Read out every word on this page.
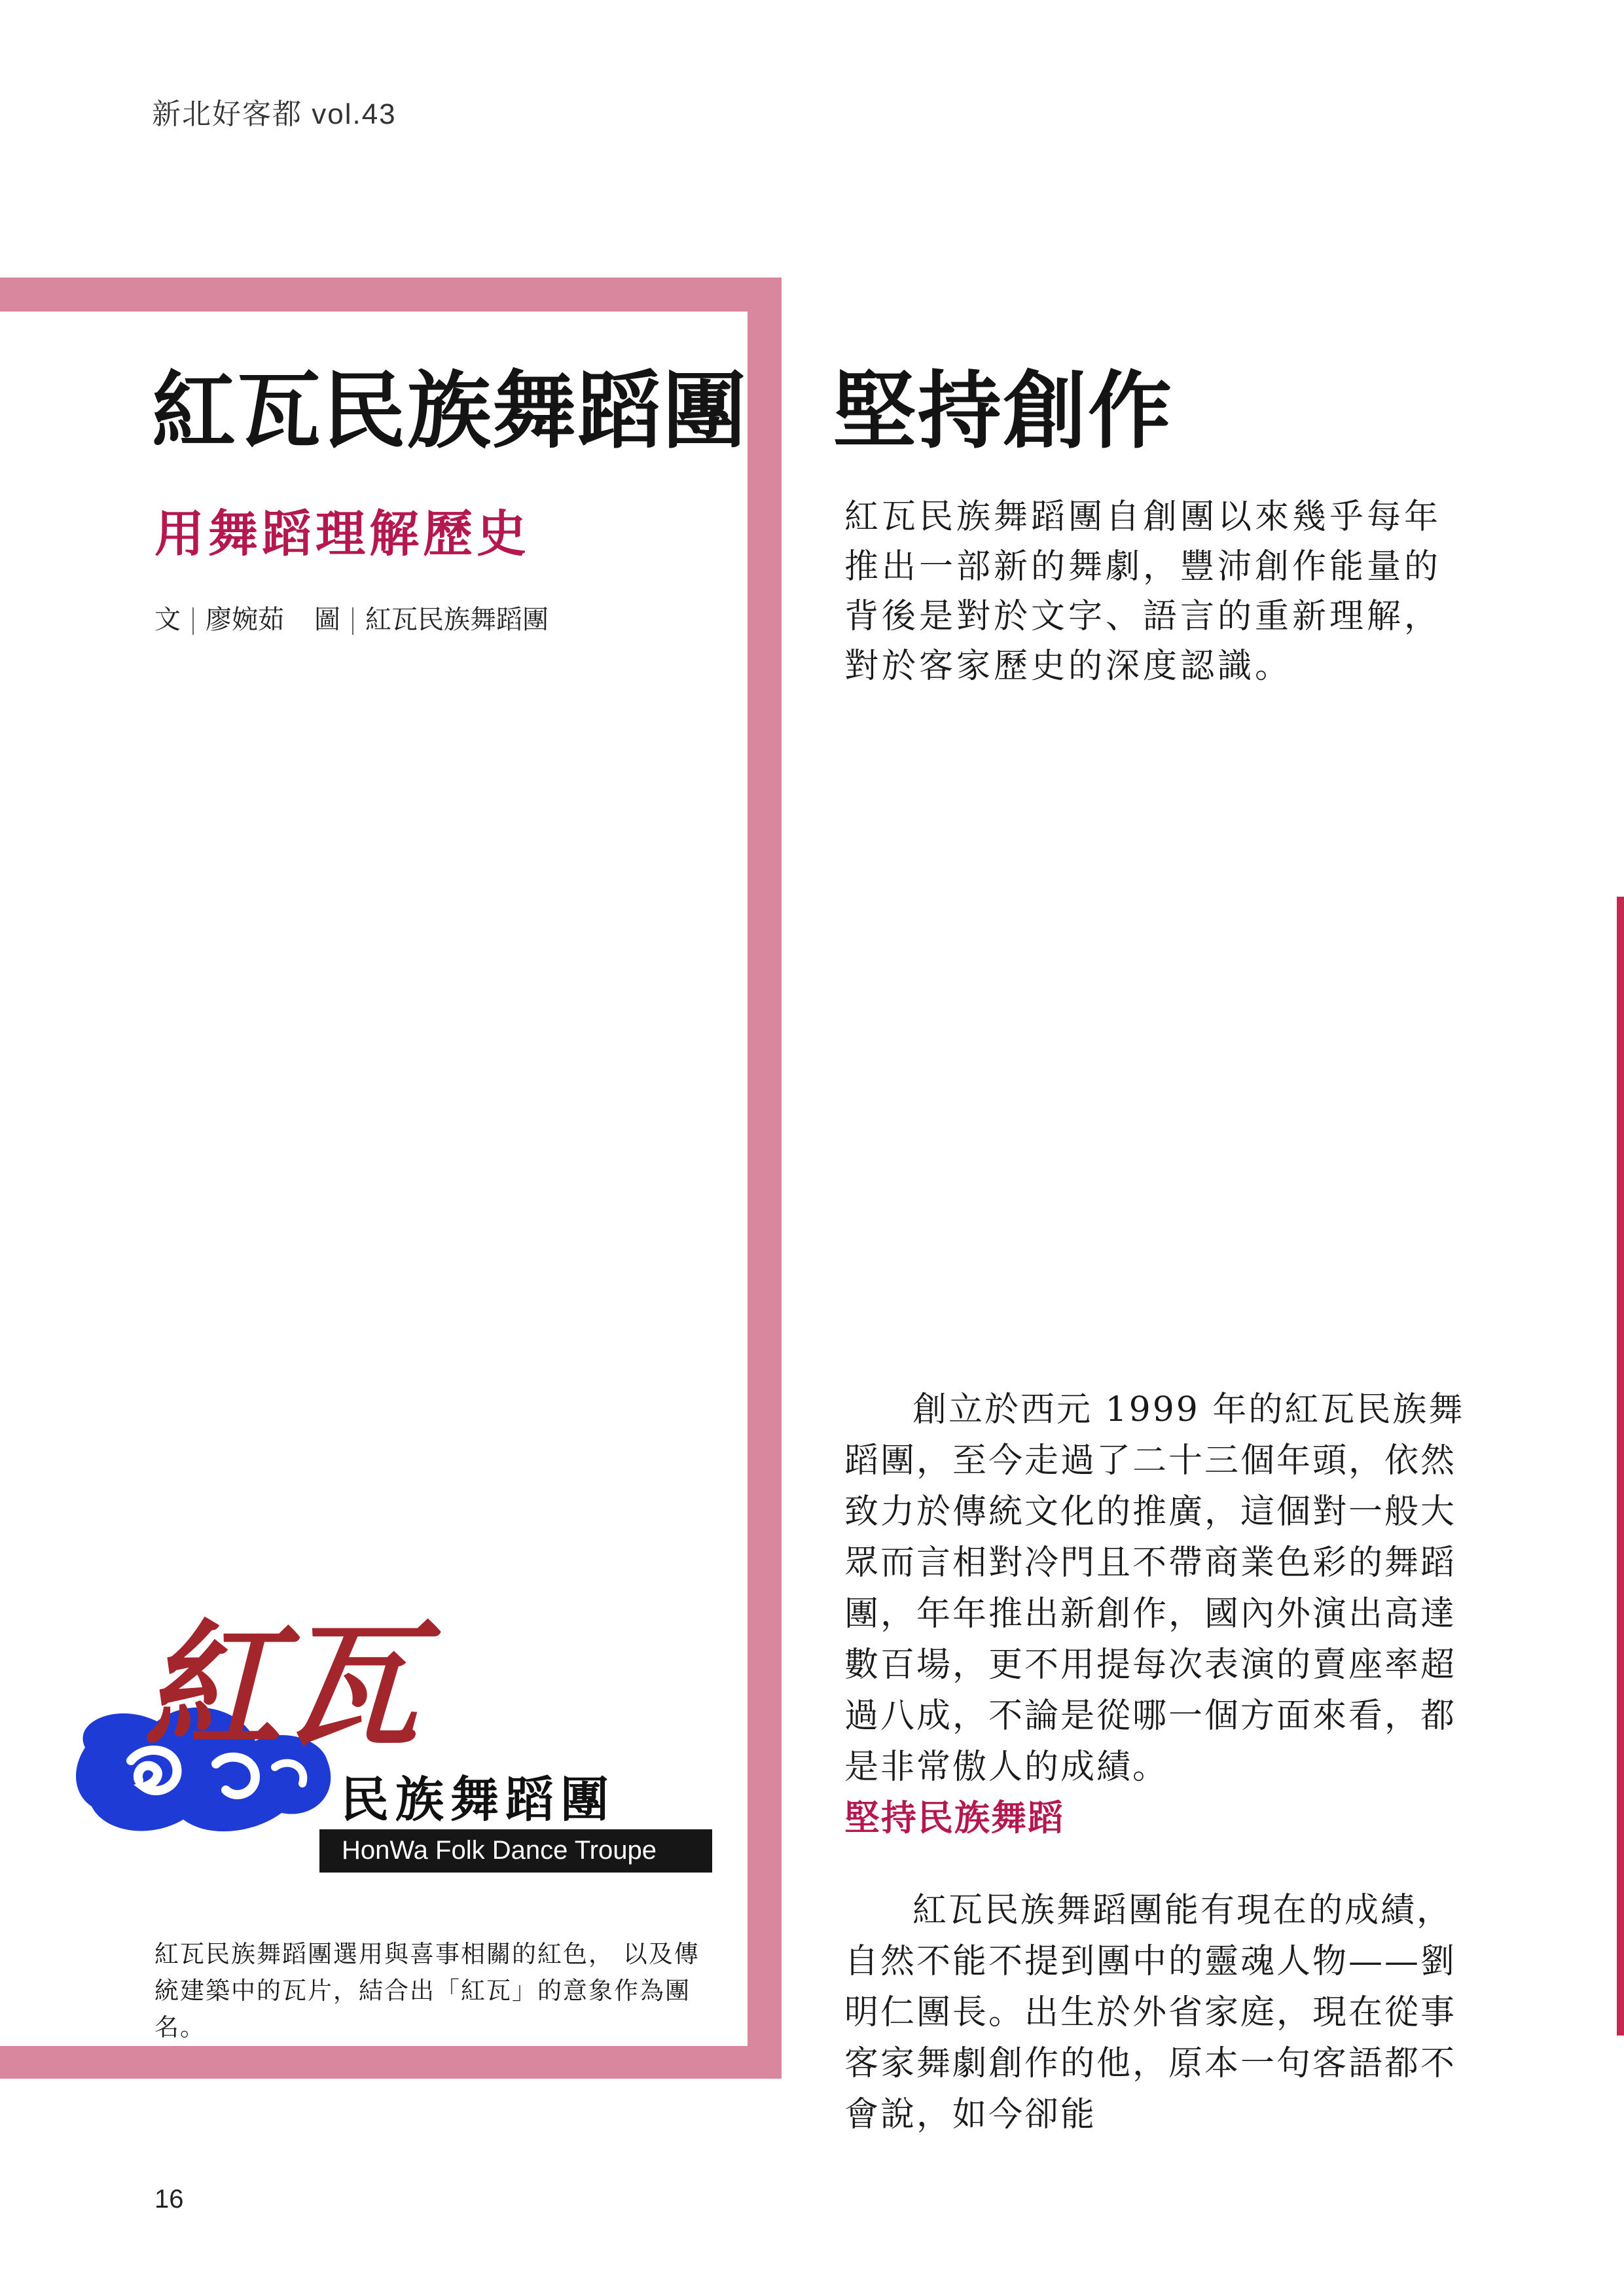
新北好客都 vol.43
紅瓦民族舞蹈團　堅持創作
用舞蹈理解歷史
文 廖婉茹 圖 紅瓦民族舞蹈團
紅瓦民族舞蹈團自創團以來幾乎每年推出一部新的舞劇，豐沛創作能量的背後是對於文字、語言的重新理解，對於客家歷史的深度認識。
創立於西元 1999 年的紅瓦民族舞蹈團，至今走過了二十三個年頭，依然致力於傳統文化的推廣，這個對一般大眾而言相對冷門且不帶商業色彩的舞蹈團，年年推出新創作，國內外演出高達數百場，更不用提每次表演的賣座率超過八成，不論是從哪一個方面來看，都是非常傲人的成績。
堅持民族舞蹈
紅瓦民族舞蹈團能有現在的成績，自然不能不提到團中的靈魂人物——劉明仁團長。出生於外省家庭，現在從事客家舞劇創作的他，原本一句客語都不會說，如今卻能
紅瓦
民族舞蹈團
HonWa Folk Dance Troupe
紅瓦民族舞蹈團選用與喜事相關的紅色， 以及傳統建築中的瓦片，結合出「紅瓦」的意象作為團名。
16
